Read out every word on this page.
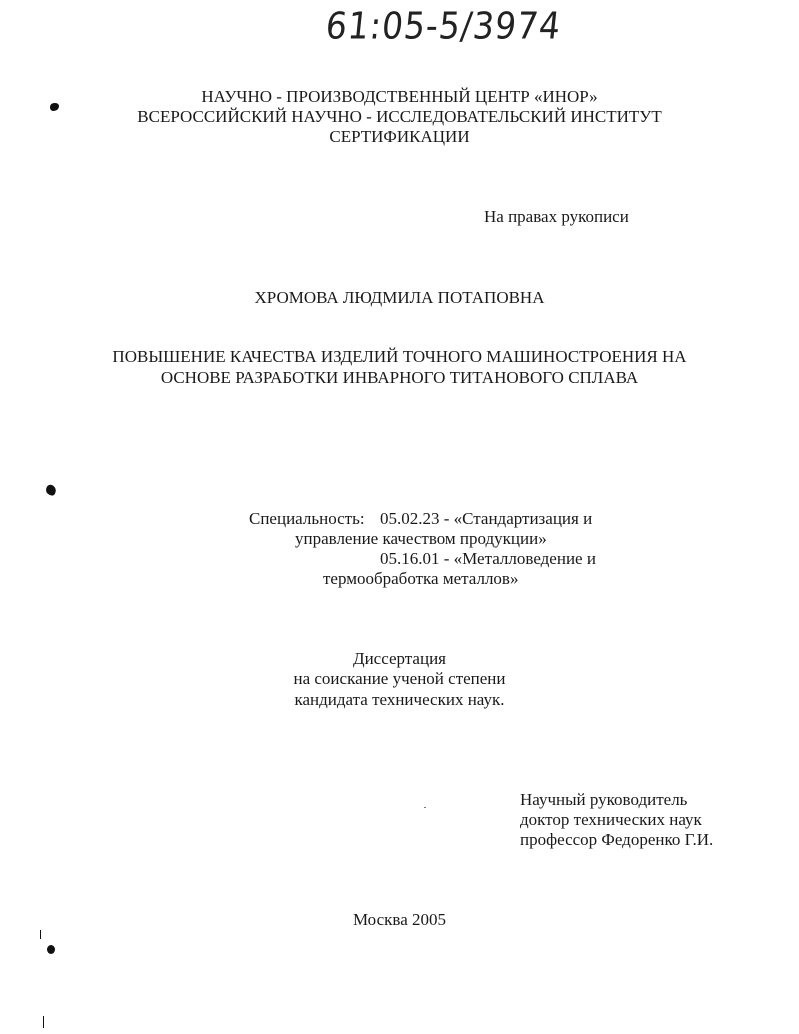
61:05-5/3974
НАУЧНО - ПРОИЗВОДСТВЕННЫЙ ЦЕНТР «ИНОР»
ВСЕРОССИЙСКИЙ НАУЧНО - ИССЛЕДОВАТЕЛЬСКИЙ ИНСТИТУТ
СЕРТИФИКАЦИИ
На правах рукописи
ХРОМОВА ЛЮДМИЛА ПОТАПОВНА
ПОВЫШЕНИЕ КАЧЕСТВА ИЗДЕЛИЙ ТОЧНОГО МАШИНОСТРОЕНИЯ НА
ОСНОВЕ РАЗРАБОТКИ ИНВАРНОГО ТИТАНОВОГО СПЛАВА
Специальность: 05.02.23 - «Стандартизация и
управление качеством продукции»
05.16.01 - «Металловедение и
термообработка металлов»
Диссертация
на соискание ученой степени
кандидата технических наук.
Научный руководитель
доктор технических наук
профессор Федоренко Г.И.
Москва 2005
